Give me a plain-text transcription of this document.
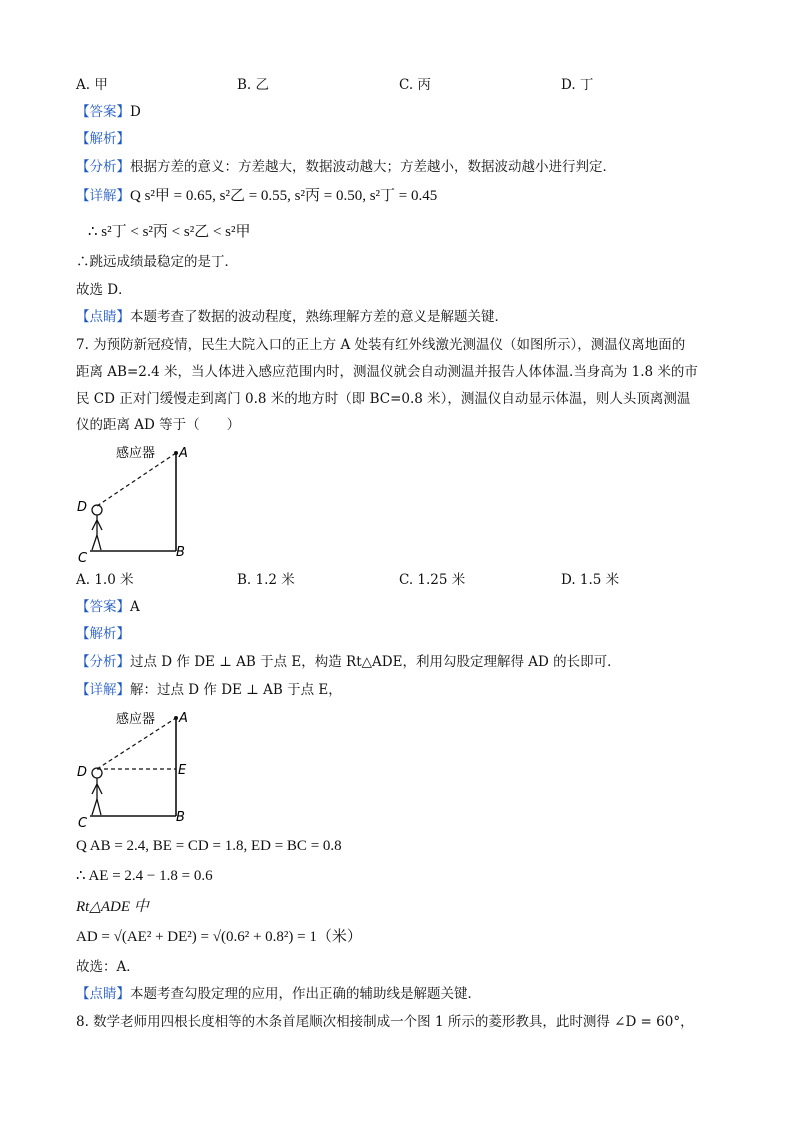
A. 甲	B. 乙	C. 丙	D. 丁
【答案】D
【解析】
【分析】根据方差的意义：方差越大，数据波动越大；方差越小，数据波动越小进行判定．
【详解】Q s²甲 = 0.65, s²乙 = 0.55, s²丙 = 0.50, s²丁 = 0.45
∴ s²丁 < s²丙 < s²乙 < s²甲
∴跳远成绩最稳定的是丁．
故选 D．
【点睛】本题考查了数据的波动程度，熟练理解方差的意义是解题关键．
7. 为预防新冠疫情，民生大院入口的正上方 A 处装有红外线激光测温仪（如图所示），测温仪离地面的
距离 AB=2.4 米，当人体进入感应范围内时，测温仪就会自动测温并报告人体体温.当身高为 1.8 米的市
民 CD 正对门缓慢走到离门 0.8 米的地方时（即 BC=0.8 米），测温仪自动显示体温，则人头顶离测温
仪的距离 AD 等于（　　）
感应器 A
D
C	B
A. 1.0 米	B. 1.2 米	C. 1.25 米	D. 1.5 米
【答案】A
【解析】
【分析】过点 D 作 DE ⊥ AB 于点 E，构造 Rt△ADE，利用勾股定理解得 AD 的长即可．
【详解】解：过点 D 作 DE ⊥ AB 于点 E，
感应器 A
D	E
C	B
Q AB = 2.4, BE = CD = 1.8, ED = BC = 0.8
∴ AE = 2.4 − 1.8 = 0.6
Rt△ADE 中
AD = √(AE² + DE²) = √(0.6² + 0.8²) = 1（米）
故选：A．
【点睛】本题考查勾股定理的应用，作出正确的辅助线是解题关键．
8. 数学老师用四根长度相等的木条首尾顺次相接制成一个图 1 所示的菱形教具，此时测得 ∠D = 60°，
